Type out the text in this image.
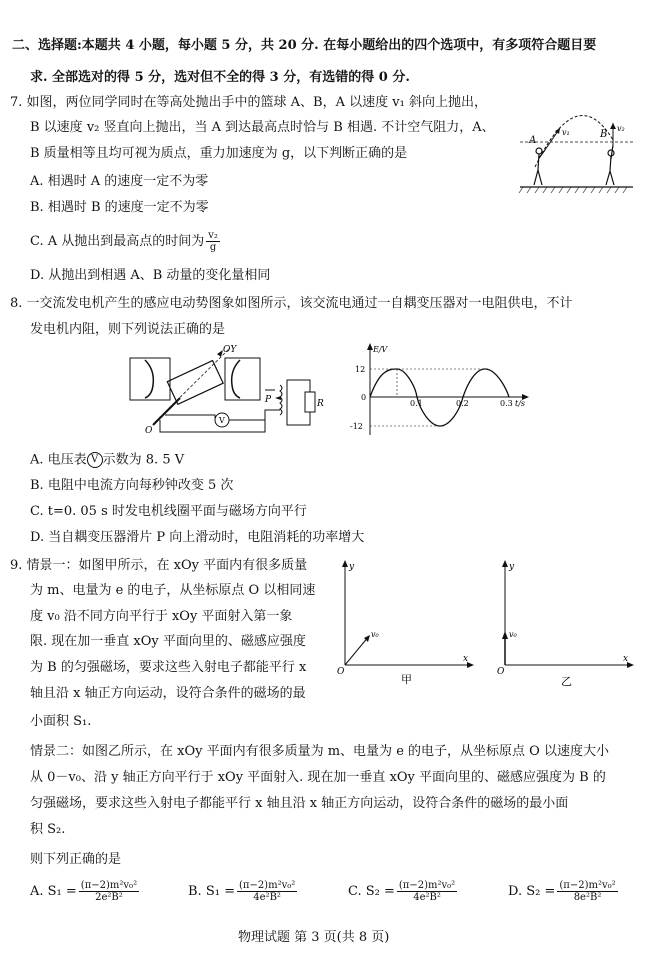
二、选择题:本题共 4 小题，每小题 5 分，共 20 分. 在每小题给出的四个选项中，有多项符合题目要
求. 全部选对的得 5 分，选对但不全的得 3 分，有选错的得 0 分.
7. 如图，两位同学同时在等高处抛出手中的篮球 A、B，A 以速度 v₁ 斜向上抛出，
B 以速度 v₂ 竖直向上抛出，当 A 到达最高点时恰与 B 相遇. 不计空气阻力，A、
B 质量相等且均可视为质点，重力加速度为 g，以下判断正确的是
A. 相遇时 A 的速度一定不为零
B. 相遇时 B 的速度一定不为零
C. A 从抛出到最高点的时间为 $\frac{\text{v₂}}{g}$
D. 从抛出到相遇 A、B 动量的变化量相同
A
v₁	B
v₂
8. 一交流发电机产生的感应电动势图象如图所示，该交流电通过一自耦变压器对一电阻供电，不计
发电机内阻，则下列说法正确的是
OY
O
V
P	R
E/V
12
-12
0
0.1	0.2	0.3 t/s
A. 电压表 V 示数为 8. 5 V
B. 电阻中电流方向每秒钟改变 5 次
C. t=0. 05 s 时发电机线圈平面与磁场方向平行
D. 当自耦变压器滑片 P 向上滑动时，电阻消耗的功率增大
9. 情景一：如图甲所示，在 xOy 平面内有很多质量
为 m、电量为 e 的电子，从坐标原点 O 以相同速
度 v₀ 沿不同方向平行于 xOy 平面射入第一象
限. 现在加一垂直 xOy 平面向里的、磁感应强度
为 B 的匀强磁场，要求这些入射电子都能平行 x
轴且沿 x 轴正方向运动，设符合条件的磁场的最
小面积 S₁.
情景二：如图乙所示，在 xOy 平面内有很多质量为 m、电量为 e 的电子，从坐标原点 O 以速度大小
从 0－v₀、沿 y 轴正方向平行于 xOy 平面射入. 现在加一垂直 xOy 平面向里的、磁感应强度为 B 的
匀强磁场，要求这些入射电子都能平行 x 轴且沿 x 轴正方向运动，设符合条件的磁场的最小面
积 S₂.
则下列正确的是
y
v₀
O
x
甲
y
v₀
O
x
乙
A. $S_1 = \frac{\text{(π−2)m²v₀²}}{\text{2e²B²}}$	B. $S_1 = \frac{\text{(π−2)m²v₀²}}{\text{4e²B²}}$	C. $S_2 = \frac{\text{(π−2)m²v₀²}}{\text{4e²B²}}$	D. $S_2 = \frac{\text{(π−2)m²v₀²}}{\text{8e²B²}}$
物理试题 第 3 页(共 8 页)
